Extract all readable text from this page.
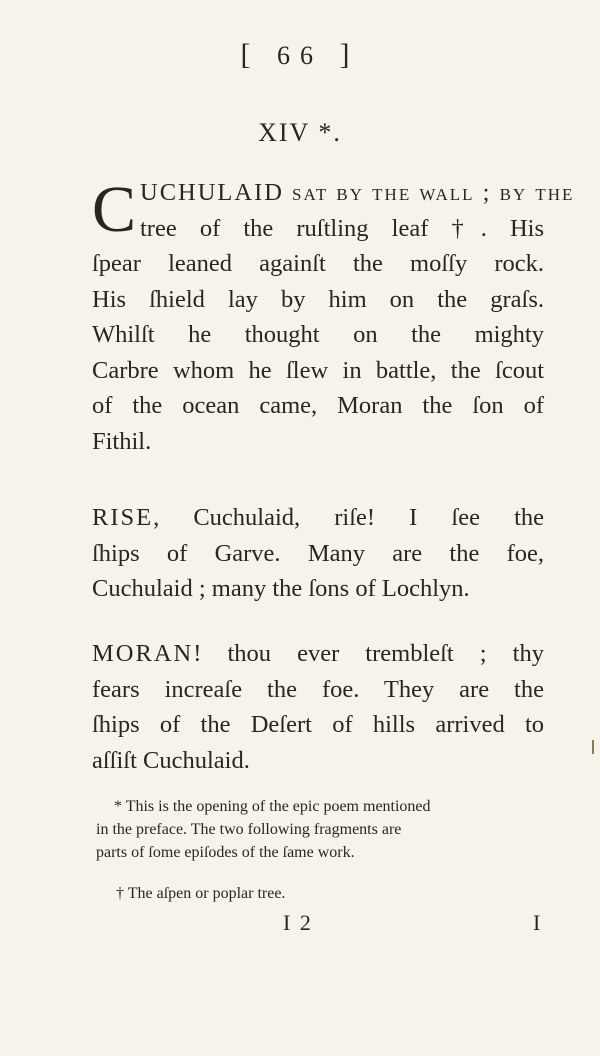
[ 66 ]
XIV *.
C UCHULAID sat by the wall ; by the
tree of the ruſtling leaf †. His
ſpear leaned againſt the moſſy rock.
His ſhield lay by him on the graſs.
Whilſt he thought on the mighty
Carbre whom he ſlew in battle, the ſcout
of the ocean came, Moran the ſon of
Fithil.
RISE, Cuchulaid, riſe! I ſee the
ſhips of Garve. Many are the foe,
Cuchulaid ; many the ſons of Lochlyn.
MORAN! thou ever trembleſt ; thy
fears increaſe the foe. They are the
ſhips of the Deſert of hills arrived to
aſſiſt Cuchulaid.
* This is the opening of the epic poem mentioned
in the preface. The two following fragments are
parts of ſome epiſodes of the ſame work.
† The aſpen or poplar tree.
I 2	I
